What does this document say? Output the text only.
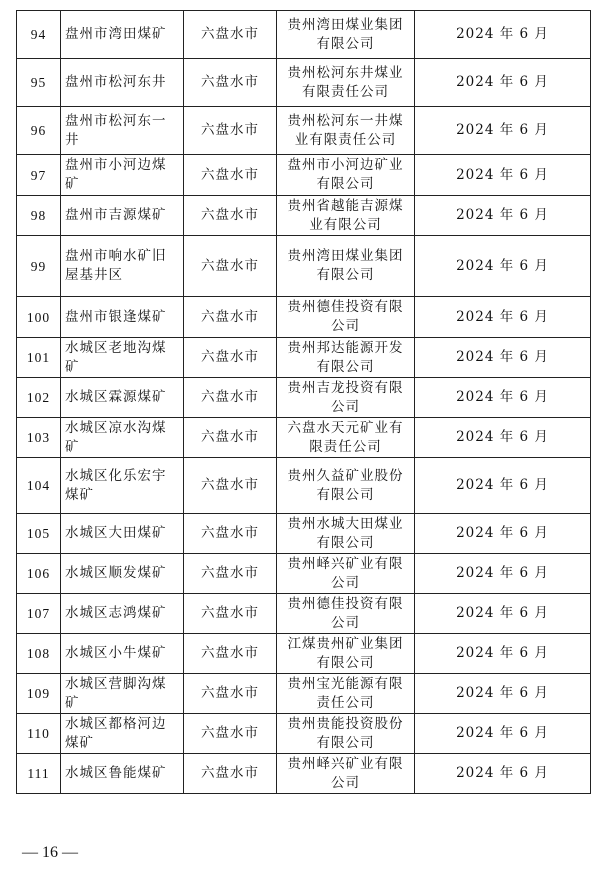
94	盘州市湾田煤矿	六盘水市	贵州湾田煤业集团有限公司	2024 年 6 月
95	盘州市松河东井	六盘水市	贵州松河东井煤业有限责任公司	2024 年 6 月
96	盘州市松河东一井	六盘水市	贵州松河东一井煤业有限责任公司	2024 年 6 月
97	盘州市小河边煤矿	六盘水市	盘州市小河边矿业有限公司	2024 年 6 月
98	盘州市吉源煤矿	六盘水市	贵州省越能吉源煤业有限公司	2024 年 6 月
99	盘州市响水矿旧屋基井区	六盘水市	贵州湾田煤业集团有限公司	2024 年 6 月
100	盘州市银逢煤矿	六盘水市	贵州德佳投资有限公司	2024 年 6 月
101	水城区老地沟煤矿	六盘水市	贵州邦达能源开发有限公司	2024 年 6 月
102	水城区霖源煤矿	六盘水市	贵州吉龙投资有限公司	2024 年 6 月
103	水城区凉水沟煤矿	六盘水市	六盘水天元矿业有限责任公司	2024 年 6 月
104	水城区化乐宏宇煤矿	六盘水市	贵州久益矿业股份有限公司	2024 年 6 月
105	水城区大田煤矿	六盘水市	贵州水城大田煤业有限公司	2024 年 6 月
106	水城区顺发煤矿	六盘水市	贵州峄兴矿业有限公司	2024 年 6 月
107	水城区志鸿煤矿	六盘水市	贵州德佳投资有限公司	2024 年 6 月
108	水城区小牛煤矿	六盘水市	江煤贵州矿业集团有限公司	2024 年 6 月
109	水城区营脚沟煤矿	六盘水市	贵州宝光能源有限责任公司	2024 年 6 月
110	水城区都格河边煤矿	六盘水市	贵州贵能投资股份有限公司	2024 年 6 月
111	水城区鲁能煤矿	六盘水市	贵州峄兴矿业有限公司	2024 年 6 月
— 16 —
